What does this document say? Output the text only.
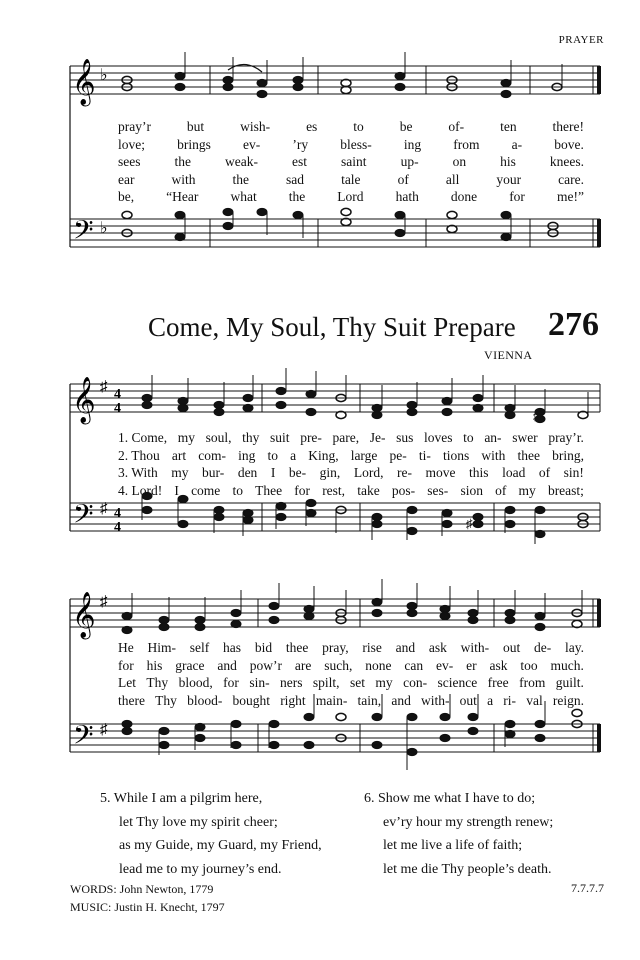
PRAYER
𝄞
𝄢
♭
♭
pray’r	but	wish-	es	to	be	of-	ten	there!
love; brings ev- ’ry bless- ing from a- bove.
sees	the	weak-	est	saint	up-	on	his	knees.
ear	with	the	sad	tale	of	all	your	care.
be, “Hear what the Lord hath done for me!”
Come, My Soul, Thy Suit Prepare 276
VIENNA
♯
♯
𝄞
𝄢
♯
♯
4
4
4
4
1. Come, my soul, thy suit pre- pare, Je- sus loves to an- swer pray’r.
2. Thou art com- ing to a King, large pe- ti- tions with thee bring,
3. With my bur- den I be- gin, Lord, re- move this load of sin!
4. Lord! I come to Thee for rest, take pos- ses- sion of my breast;
𝄞
𝄢
♯
♯
He Him- self has bid thee pray, rise and ask with- out de- lay.
for his grace and pow’r are such, none can ev- er ask too much.
Let Thy blood, for sin- ners spilt, set my con- science free from guilt.
there Thy blood- bought right main- tain, and with- out a ri- val reign.
5. While I am a pilgrim here,
let Thy love my spirit cheer;
as my Guide, my Guard, my Friend,
lead me to my journey’s end.
6. Show me what I have to do;
ev’ry hour my strength renew;
let me live a life of faith;
let me die Thy people’s death.
WORDS: John Newton, 1779
MUSIC: Justin H. Knecht, 1797
7.7.7.7
